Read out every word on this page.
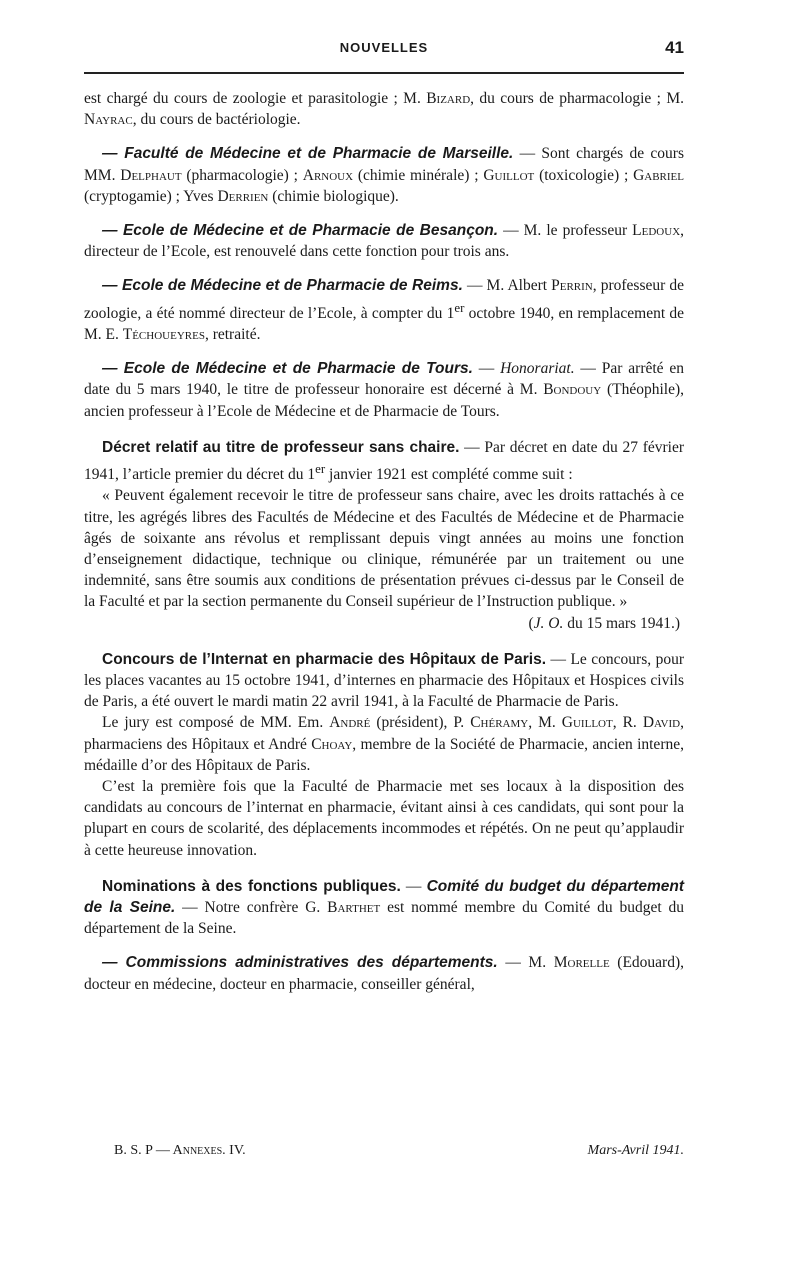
NOUVELLES	41

est chargé du cours de zoologie et parasitologie ; M. Bizard, du cours de pharmacologie ; M. Nayrac, du cours de bactériologie.

— Faculté de Médecine et de Pharmacie de Marseille. — Sont chargés de cours MM. Delphaut (pharmacologie) ; Arnoux (chimie minérale) ; Guillot (toxicologie) ; Gabriel (cryptogamie) ; Yves Derrien (chimie biologique).

— Ecole de Médecine et de Pharmacie de Besançon. — M. le professeur Ledoux, directeur de l’Ecole, est renouvelé dans cette fonction pour trois ans.

— Ecole de Médecine et de Pharmacie de Reims. — M. Albert Perrin, professeur de zoologie, a été nommé directeur de l’Ecole, à compter du 1er octobre 1940, en remplacement de M. E. Téchoueyres, retraité.

— Ecole de Médecine et de Pharmacie de Tours. — Honorariat. — Par arrêté en date du 5 mars 1940, le titre de professeur honoraire est décerné à M. Bondouy (Théophile), ancien professeur à l’Ecole de Médecine et de Pharmacie de Tours.

Décret relatif au titre de professeur sans chaire. — Par décret en date du 27 février 1941, l’article premier du décret du 1er janvier 1921 est complété comme suit :

« Peuvent également recevoir le titre de professeur sans chaire, avec les droits rattachés à ce titre, les agrégés libres des Facultés de Médecine et des Facultés de Médecine et de Pharmacie âgés de soixante ans révolus et remplissant depuis vingt années au moins une fonction d’enseignement didactique, technique ou clinique, rémunérée par un traitement ou une indemnité, sans être soumis aux conditions de présentation prévues ci-dessus par le Conseil de la Faculté et par la section permanente du Conseil supérieur de l’Instruction publique. »

(J. O. du 15 mars 1941.)

Concours de l’Internat en pharmacie des Hôpitaux de Paris. — Le concours, pour les places vacantes au 15 octobre 1941, d’internes en pharmacie des Hôpitaux et Hospices civils de Paris, a été ouvert le mardi matin 22 avril 1941, à la Faculté de Pharmacie de Paris.

Le jury est composé de MM. Em. André (président), P. Chéramy, M. Guillot, R. David, pharmaciens des Hôpitaux et André Choay, membre de la Société de Pharmacie, ancien interne, médaille d’or des Hôpitaux de Paris.

C’est la première fois que la Faculté de Pharmacie met ses locaux à la disposition des candidats au concours de l’internat en pharmacie, évitant ainsi à ces candidats, qui sont pour la plupart en cours de scolarité, des déplacements incommodes et répétés. On ne peut qu’applaudir à cette heureuse innovation.

Nominations à des fonctions publiques. — Comité du budget du département de la Seine. — Notre confrère G. Barthet est nommé membre du Comité du budget du département de la Seine.

— Commissions administratives des départements. — M. Morelle (Edouard), docteur en médecine, docteur en pharmacie, conseiller général,

B. S. P — Annexes. IV.	Mars-Avril 1941.
